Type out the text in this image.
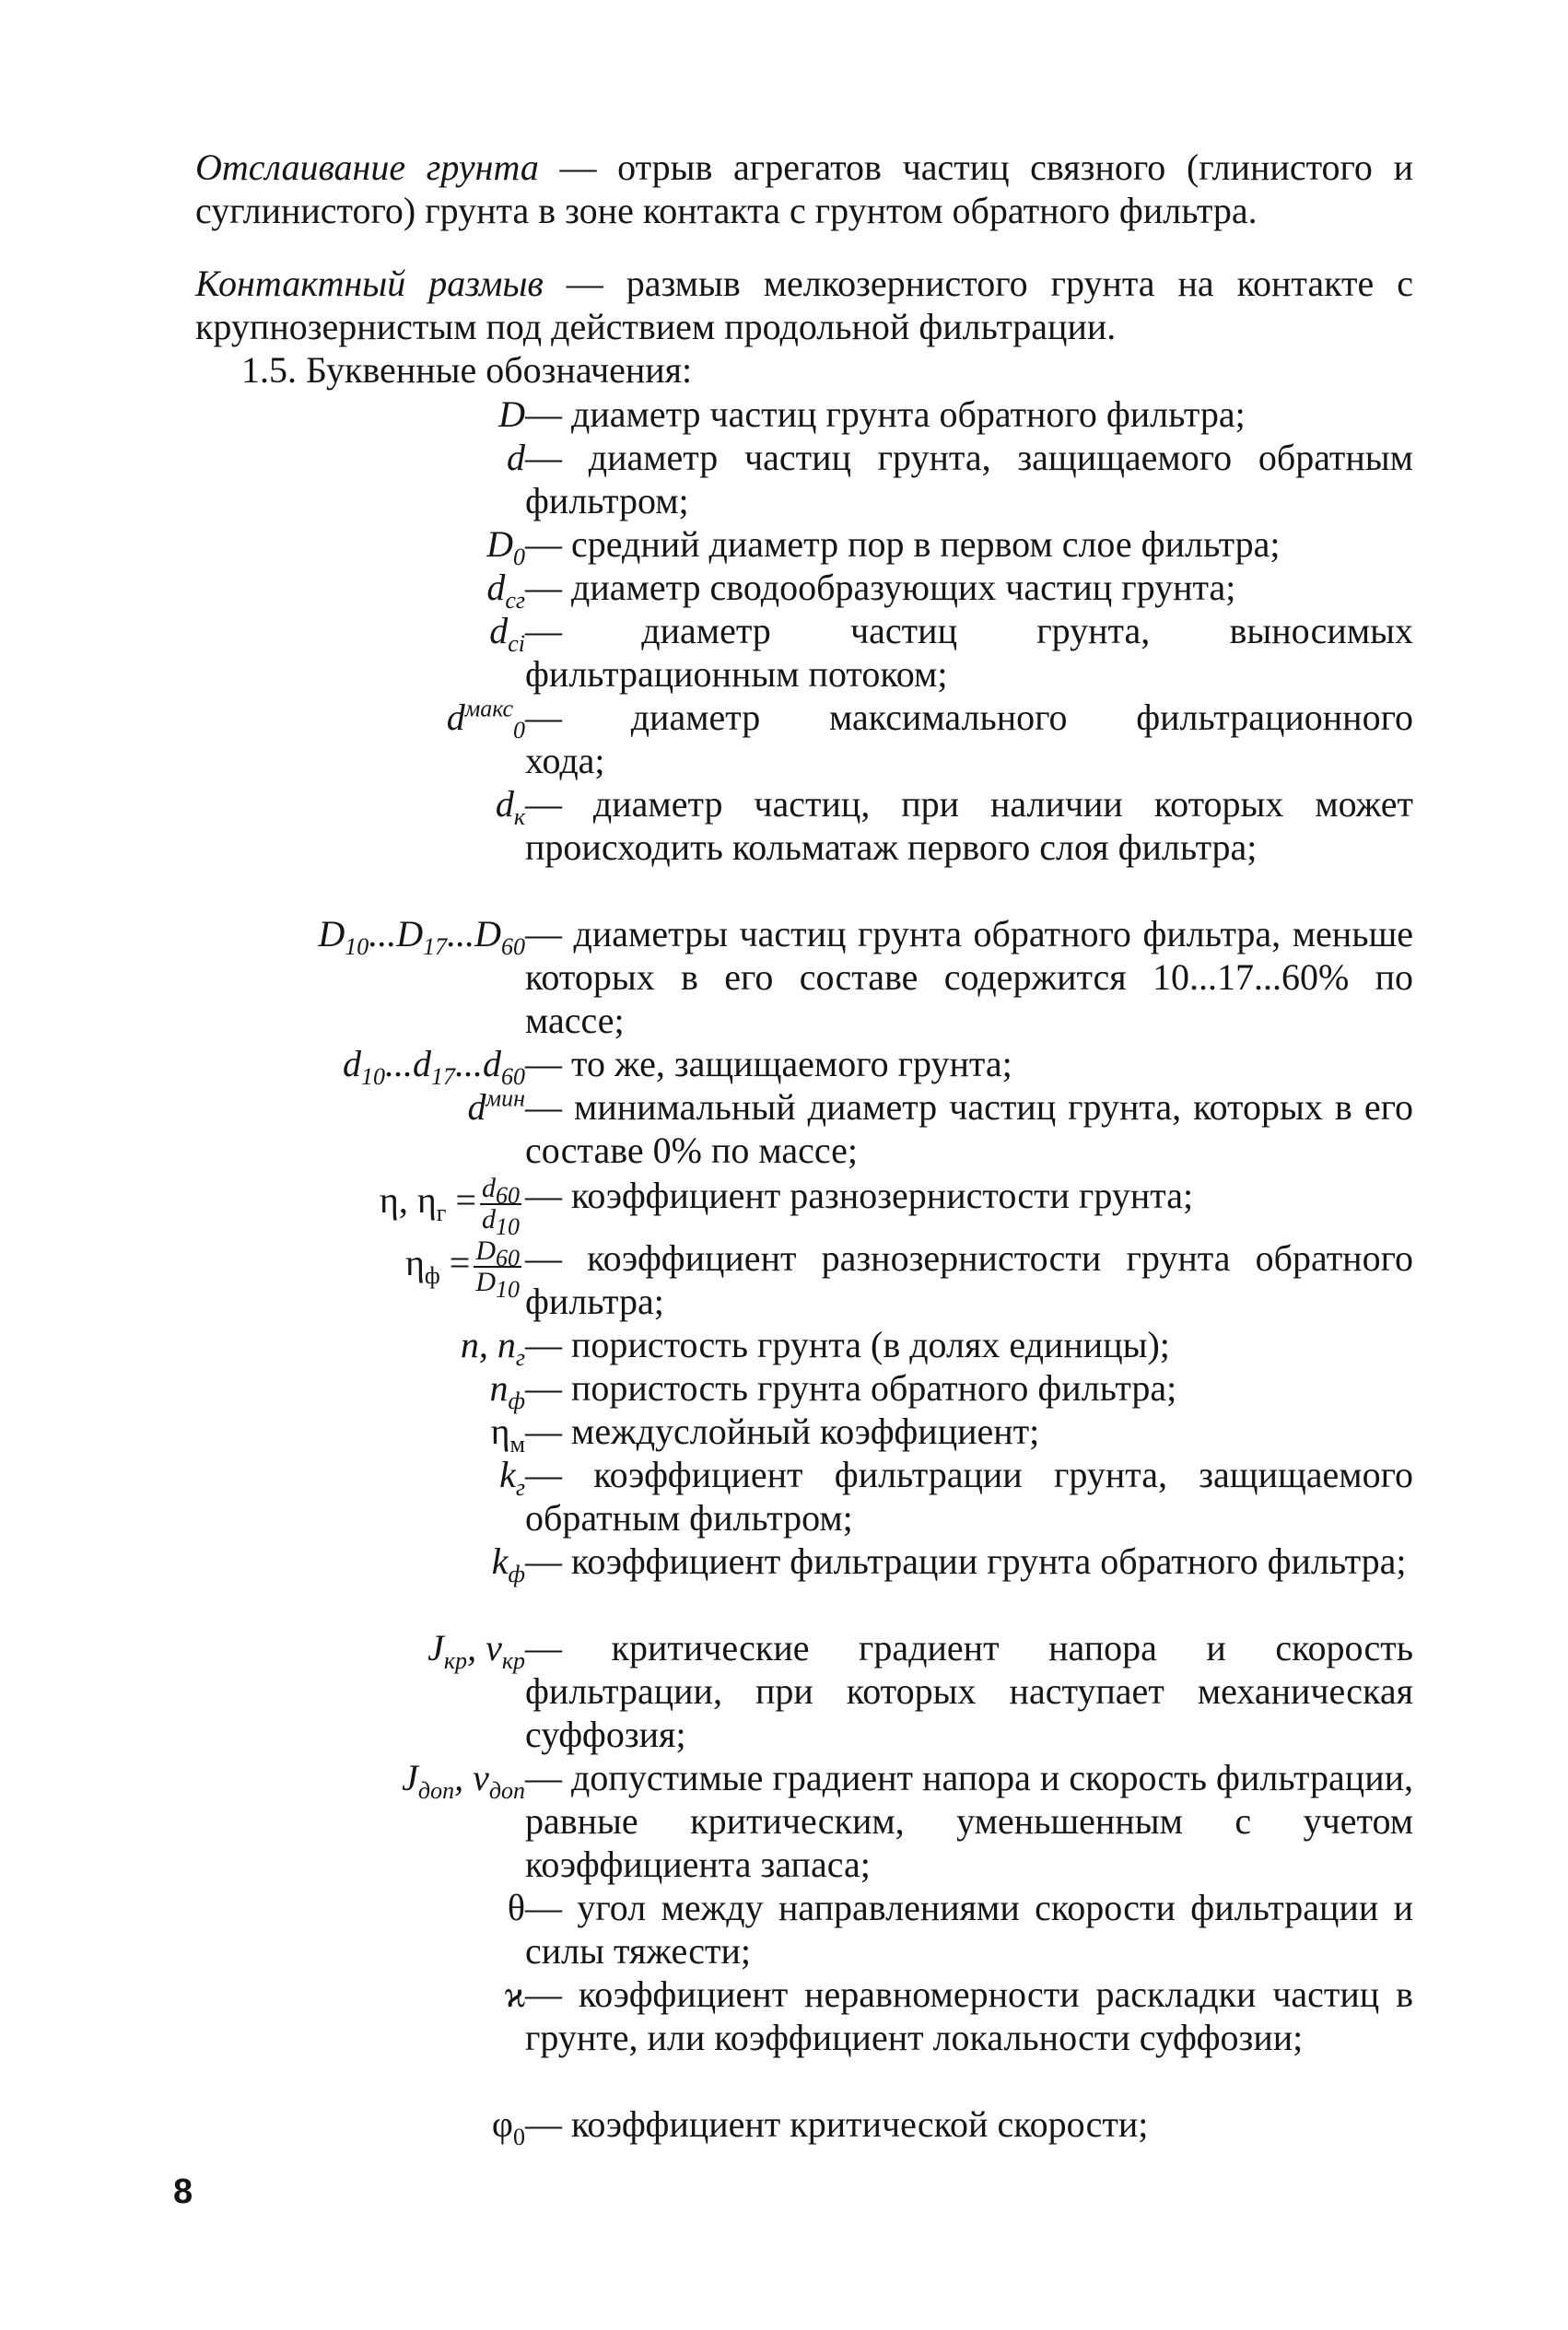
Отслаивание грунта — отрыв агрегатов частиц связного (глинистого и суглинистого) грунта в зоне контакта с грунтом обратного фильтра.

Контактный размыв — размыв мелкозернистого грунта на контакте с крупнозернистым под действием продольной фильтрации.

1.5. Буквенные обозначения:
D — диаметр частиц грунта обратного фильтра;
d — диаметр частиц грунта, защищаемого обратным фильтром;
$D_0$ — средний диаметр пор в первом слое фильтра;
$d_{сг}$ — диаметр сводообразующих частиц грунта;
$d_{ci}$ — диаметр частиц грунта, выносимых фильтрационным потоком;
$d^{макс}_0$ — диаметр максимального фильтрационного хода;
$d_к$ — диаметр частиц, при наличии которых может происходить кольматаж первого слоя фильтра;
$D_{10}...D_{17}...D_{60}$ — диаметры частиц грунта обратного фильтра, меньше которых в его составе содержится 10...17...60% по массе;
$d_{10}...d_{17}...d_{60}$ — то же, защищаемого грунта;
$d^{мин}$ — минимальный диаметр частиц грунта, которых в его составе 0% по массе;
η, $\eta_г = \frac{d_{60}}{d_{10}}$ — коэффициент разнозернистости грунта;
$\eta_ф = \frac{D_{60}}{D_{10}}$ — коэффициент разнозернистости грунта обратного фильтра;
n, $n_г$ — пористость грунта (в долях единицы);
$n_ф$ — пористость грунта обратного фильтра;
$\eta_м$ — междуслойный коэффициент;
$k_г$ — коэффициент фильтрации грунта, защищаемого обратным фильтром;
$k_ф$ — коэффициент фильтрации грунта обратного фильтра;
$J_{кр}$, $v_{кр}$ — критические градиент напора и скорость фильтрации, при которых наступает механическая суффозия;
$J_{доп}$, $v_{доп}$ — допустимые градиент напора и скорость фильтрации, равные критическим, уменьшенным с учетом коэффициента запаса;
θ — угол между направлениями скорости фильтрации и силы тяжести;
ϰ — коэффициент неравномерности раскладки частиц в грунте, или коэффициент локальности суффозии;
$\varphi_0$ — коэффициент критической скорости;
8
